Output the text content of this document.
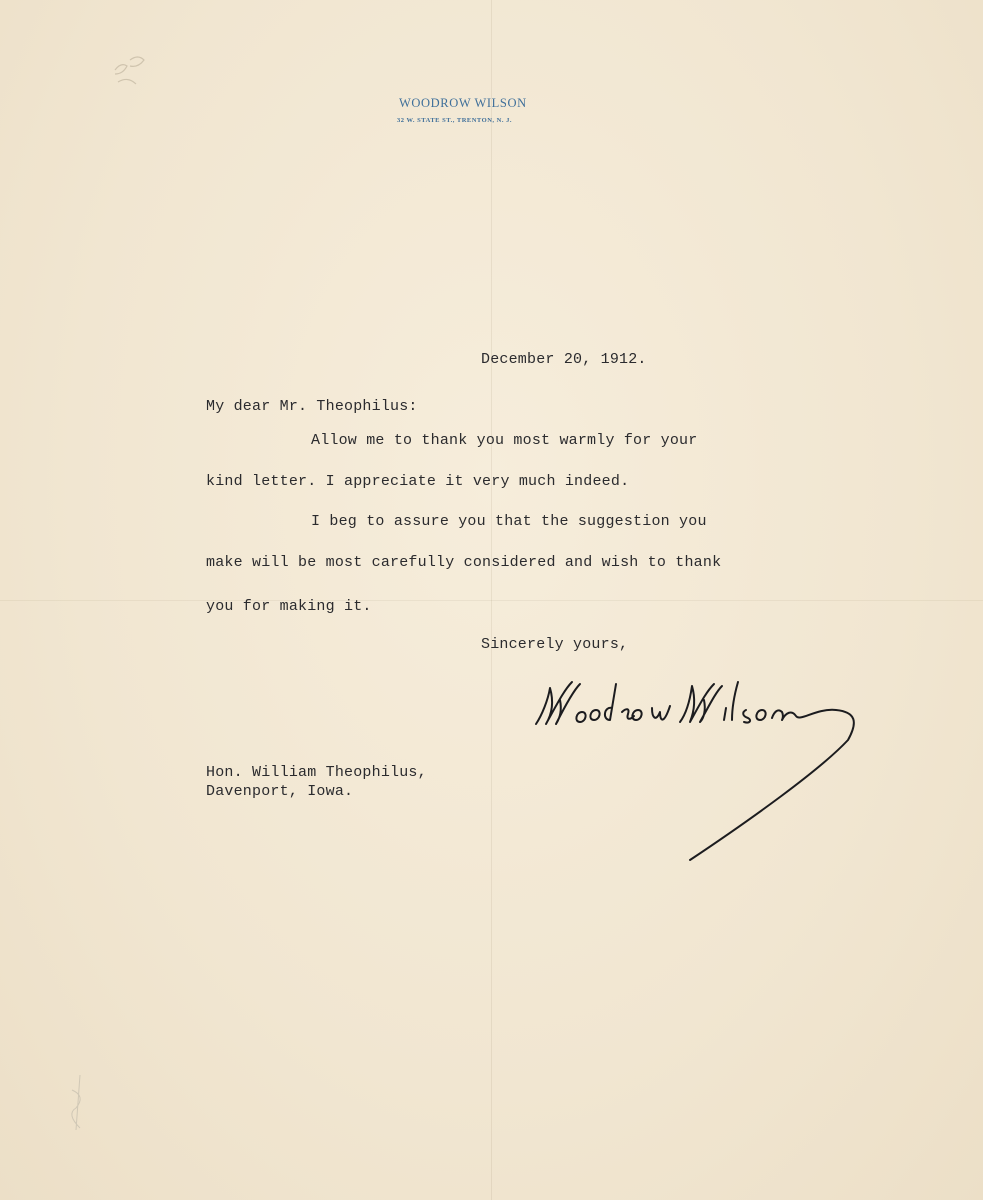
WOODROW WILSON
32 W. STATE ST., TRENTON, N. J.
December 20, 1912.
My dear Mr. Theophilus:
Allow me to thank you most warmly for your
kind letter. I appreciate it very much indeed.
I beg to assure you that the suggestion you
make will be most carefully considered and wish to thank
you for making it.
Sincerely yours,
Hon. William Theophilus,
Davenport, Iowa.
